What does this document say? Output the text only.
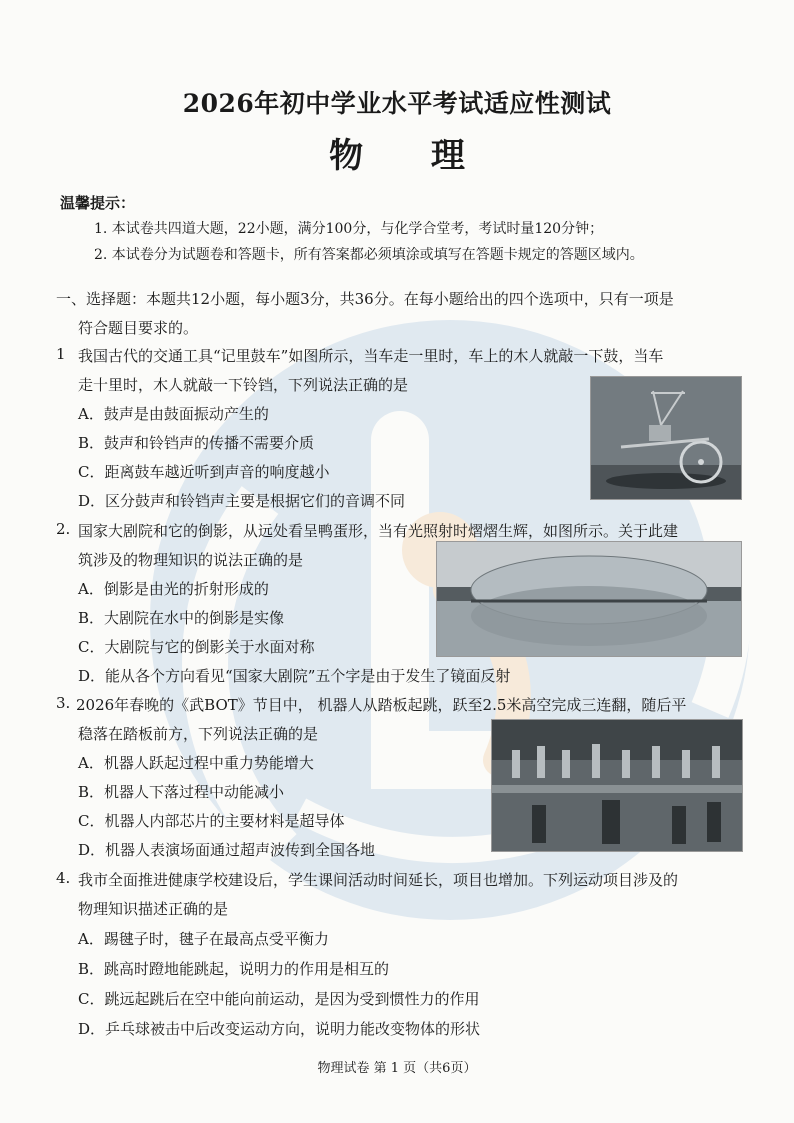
2026年初中学业水平考试适应性测试
物 理
温馨提示：
1. 本试卷共四道大题，22小题，满分100分，与化学合堂考，考试时量120分钟；
2. 本试卷分为试题卷和答题卡，所有答案都必须填涂或填写在答题卡规定的答题区域内。
一、选择题：本题共12小题，每小题3分，共36分。在每小题给出的四个选项中，只有一项是
符合题目要求的。
1 我国古代的交通工具“记里鼓车”如图所示，当车走一里时，车上的木人就敲一下鼓，当车
走十里时，木人就敲一下铃铛，下列说法正确的是
A．鼓声是由鼓面振动产生的
B．鼓声和铃铛声的传播不需要介质
C．距离鼓车越近听到声音的响度越小
D．区分鼓声和铃铛声主要是根据它们的音调不同
2. 国家大剧院和它的倒影，从远处看呈鸭蛋形，当有光照射时熠熠生辉，如图所示。关于此建
筑涉及的物理知识的说法正确的是
A．倒影是由光的折射形成的
B．大剧院在水中的倒影是实像
C．大剧院与它的倒影关于水面对称
D．能从各个方向看见“国家大剧院”五个字是由于发生了镜面反射
3. 2026年春晚的《武BOT》节目中， 机器人从踏板起跳，跃至2.5米高空完成三连翻，随后平
稳落在踏板前方，下列说法正确的是
A．机器人跃起过程中重力势能增大
B．机器人下落过程中动能减小
C．机器人内部芯片的主要材料是超导体
D．机器人表演场面通过超声波传到全国各地
4. 我市全面推进健康学校建设后，学生课间活动时间延长，项目也增加。下列运动项目涉及的
物理知识描述正确的是
A．踢毽子时，毽子在最高点受平衡力
B．跳高时蹬地能跳起，说明力的作用是相互的
C．跳远起跳后在空中能向前运动，是因为受到惯性力的作用
D．乒乓球被击中后改变运动方向，说明力能改变物体的形状
物理试卷 第 1 页（共6页）
